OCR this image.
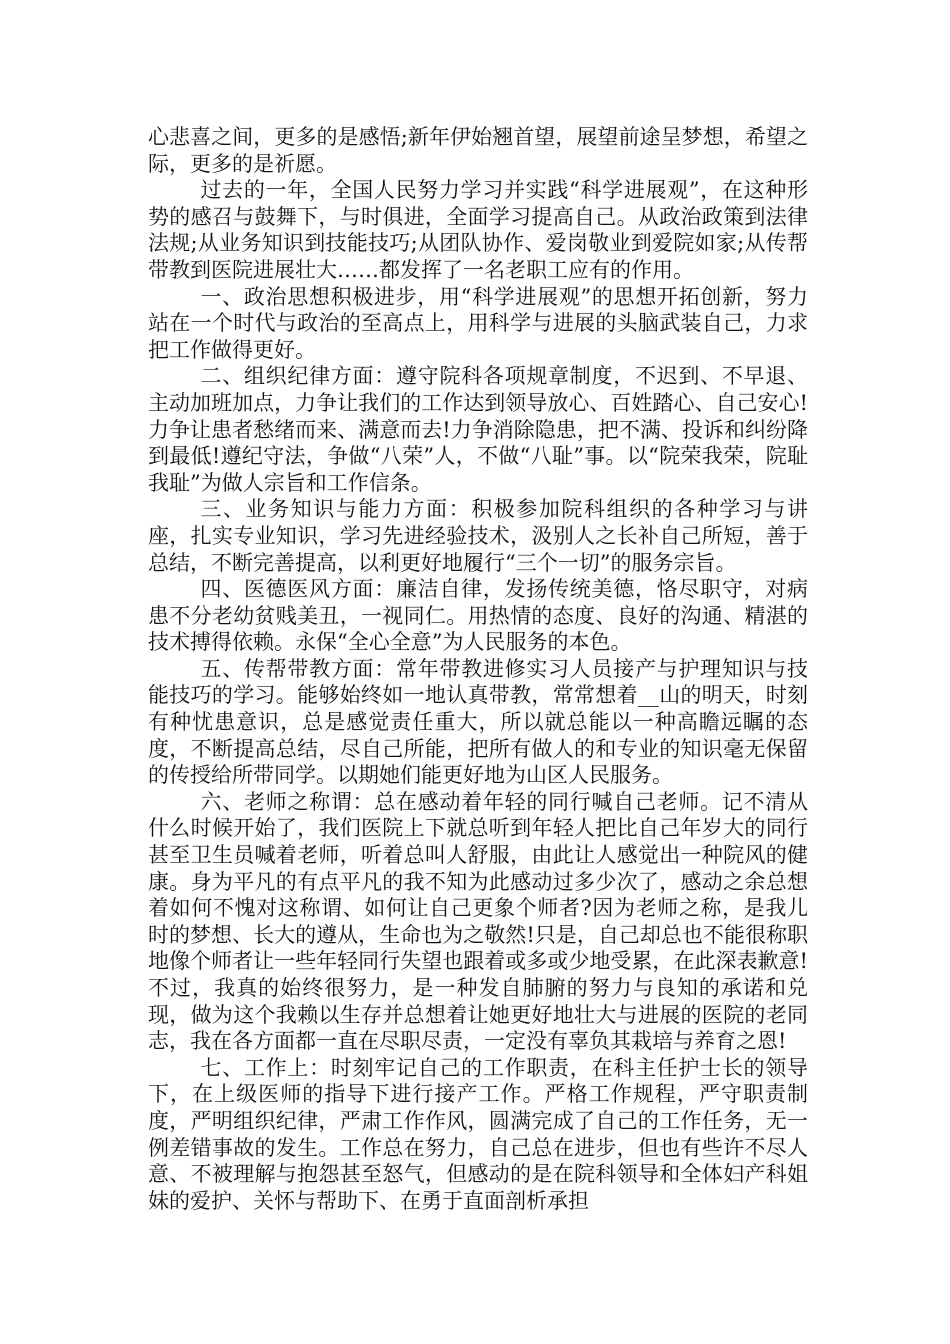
心悲喜之间，更多的是感悟;新年伊始翘首望，展望前途呈梦想，希望之际，更多的是祈愿。

过去的一年，全国人民努力学习并实践“科学进展观”，在这种形势的感召与鼓舞下，与时俱进，全面学习提高自己。从政治政策到法律法规;从业务知识到技能技巧;从团队协作、爱岗敬业到爱院如家;从传帮带教到医院进展壮大……都发挥了一名老职工应有的作用。

一、政治思想积极进步，用“科学进展观”的思想开拓创新，努力站在一个时代与政治的至高点上，用科学与进展的头脑武装自己，力求把工作做得更好。

二、组织纪律方面：遵守院科各项规章制度，不迟到、不早退、主动加班加点，力争让我们的工作达到领导放心、百姓踏心、自己安心!力争让患者愁绪而来、满意而去!力争消除隐患，把不满、投诉和纠纷降到最低!遵纪守法，争做“八荣”人，不做“八耻”事。以“院荣我荣，院耻我耻”为做人宗旨和工作信条。

三、业务知识与能力方面：积极参加院科组织的各种学习与讲座，扎实专业知识，学习先进经验技术，汲别人之长补自己所短，善于总结，不断完善提高，以利更好地履行“三个一切”的服务宗旨。

四、医德医风方面：廉洁自律，发扬传统美德，恪尽职守，对病患不分老幼贫贱美丑，一视同仁。用热情的态度、良好的沟通、精湛的技术搏得依赖。永保“全心全意”为人民服务的本色。

五、传帮带教方面：常年带教进修实习人员接产与护理知识与技能技巧的学习。能够始终如一地认真带教，常常想着__山的明天，时刻有种忧患意识，总是感觉责任重大，所以就总能以一种高瞻远瞩的态度，不断提高总结，尽自己所能，把所有做人的和专业的知识毫无保留的传授给所带同学。以期她们能更好地为山区人民服务。

六、老师之称谓：总在感动着年轻的同行喊自己老师。记不清从什么时候开始了，我们医院上下就总听到年轻人把比自己年岁大的同行甚至卫生员喊着老师，听着总叫人舒服，由此让人感觉出一种院风的健康。身为平凡的有点平凡的我不知为此感动过多少次了，感动之余总想着如何不愧对这称谓、如何让自己更象个师者?因为老师之称，是我儿时的梦想、长大的遵从，生命也为之敬然!只是，自己却总也不能很称职地像个师者让一些年轻同行失望也跟着或多或少地受累，在此深表歉意!不过，我真的始终很努力，是一种发自肺腑的努力与良知的承诺和兑现，做为这个我赖以生存并总想着让她更好地壮大与进展的医院的老同志，我在各方面都一直在尽职尽责，一定没有辜负其栽培与养育之恩!

七、工作上：时刻牢记自己的工作职责，在科主任护士长的领导下，在上级医师的指导下进行接产工作。严格工作规程，严守职责制度，严明组织纪律，严肃工作作风，圆满完成了自己的工作任务，无一例差错事故的发生。工作总在努力，自己总在进步，但也有些许不尽人意、不被理解与抱怨甚至怒气，但感动的是在院科领导和全体妇产科姐妹的爱护、关怀与帮助下、在勇于直面剖析承担
